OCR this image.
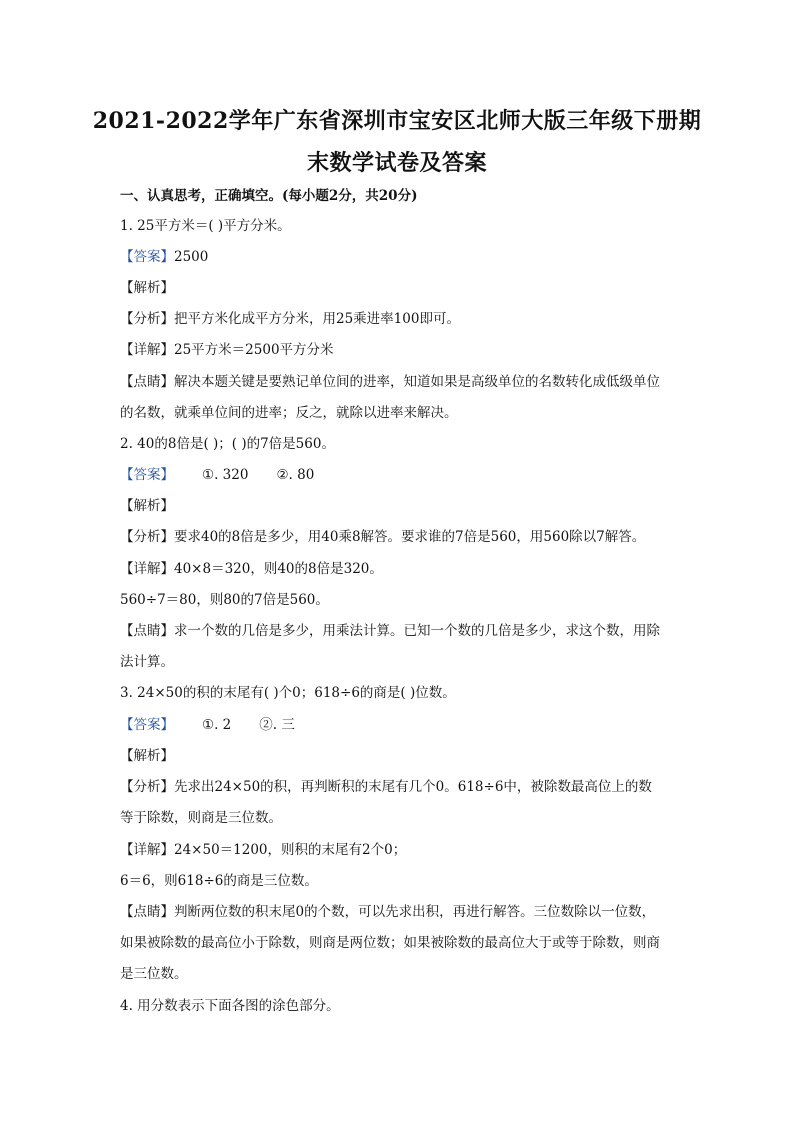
2021-2022学年广东省深圳市宝安区北师大版三年级下册期
末数学试卷及答案
一、认真思考，正确填空。(每小题2分，共20分)
1. 25平方米＝( )平方分米。
【答案】2500
【解析】
【分析】把平方米化成平方分米，用25乘进率100即可。
【详解】25平方米＝2500平方分米
【点睛】解决本题关键是要熟记单位间的进率，知道如果是高级单位的名数转化成低级单位
的名数，就乘单位间的进率；反之，就除以进率来解决。
2. 40的8倍是( )；( )的7倍是560。
【答案】 ①. 320 ②. 80
【解析】
【分析】要求40的8倍是多少，用40乘8解答。要求谁的7倍是560，用560除以7解答。
【详解】40×8＝320，则40的8倍是320。
560÷7＝80，则80的7倍是560。
【点睛】求一个数的几倍是多少，用乘法计算。已知一个数的几倍是多少，求这个数，用除
法计算。
3. 24×50的积的末尾有( )个0；618÷6的商是( )位数。
【答案】 ①. 2 ②. 三
【解析】
【分析】先求出24×50的积，再判断积的末尾有几个0。618÷6中，被除数最高位上的数
等于除数，则商是三位数。
【详解】24×50＝1200，则积的末尾有2个0；
6＝6，则618÷6的商是三位数。
【点睛】判断两位数的积末尾0的个数，可以先求出积，再进行解答。三位数除以一位数，
如果被除数的最高位小于除数，则商是两位数；如果被除数的最高位大于或等于除数，则商
是三位数。
4. 用分数表示下面各图的涂色部分。
